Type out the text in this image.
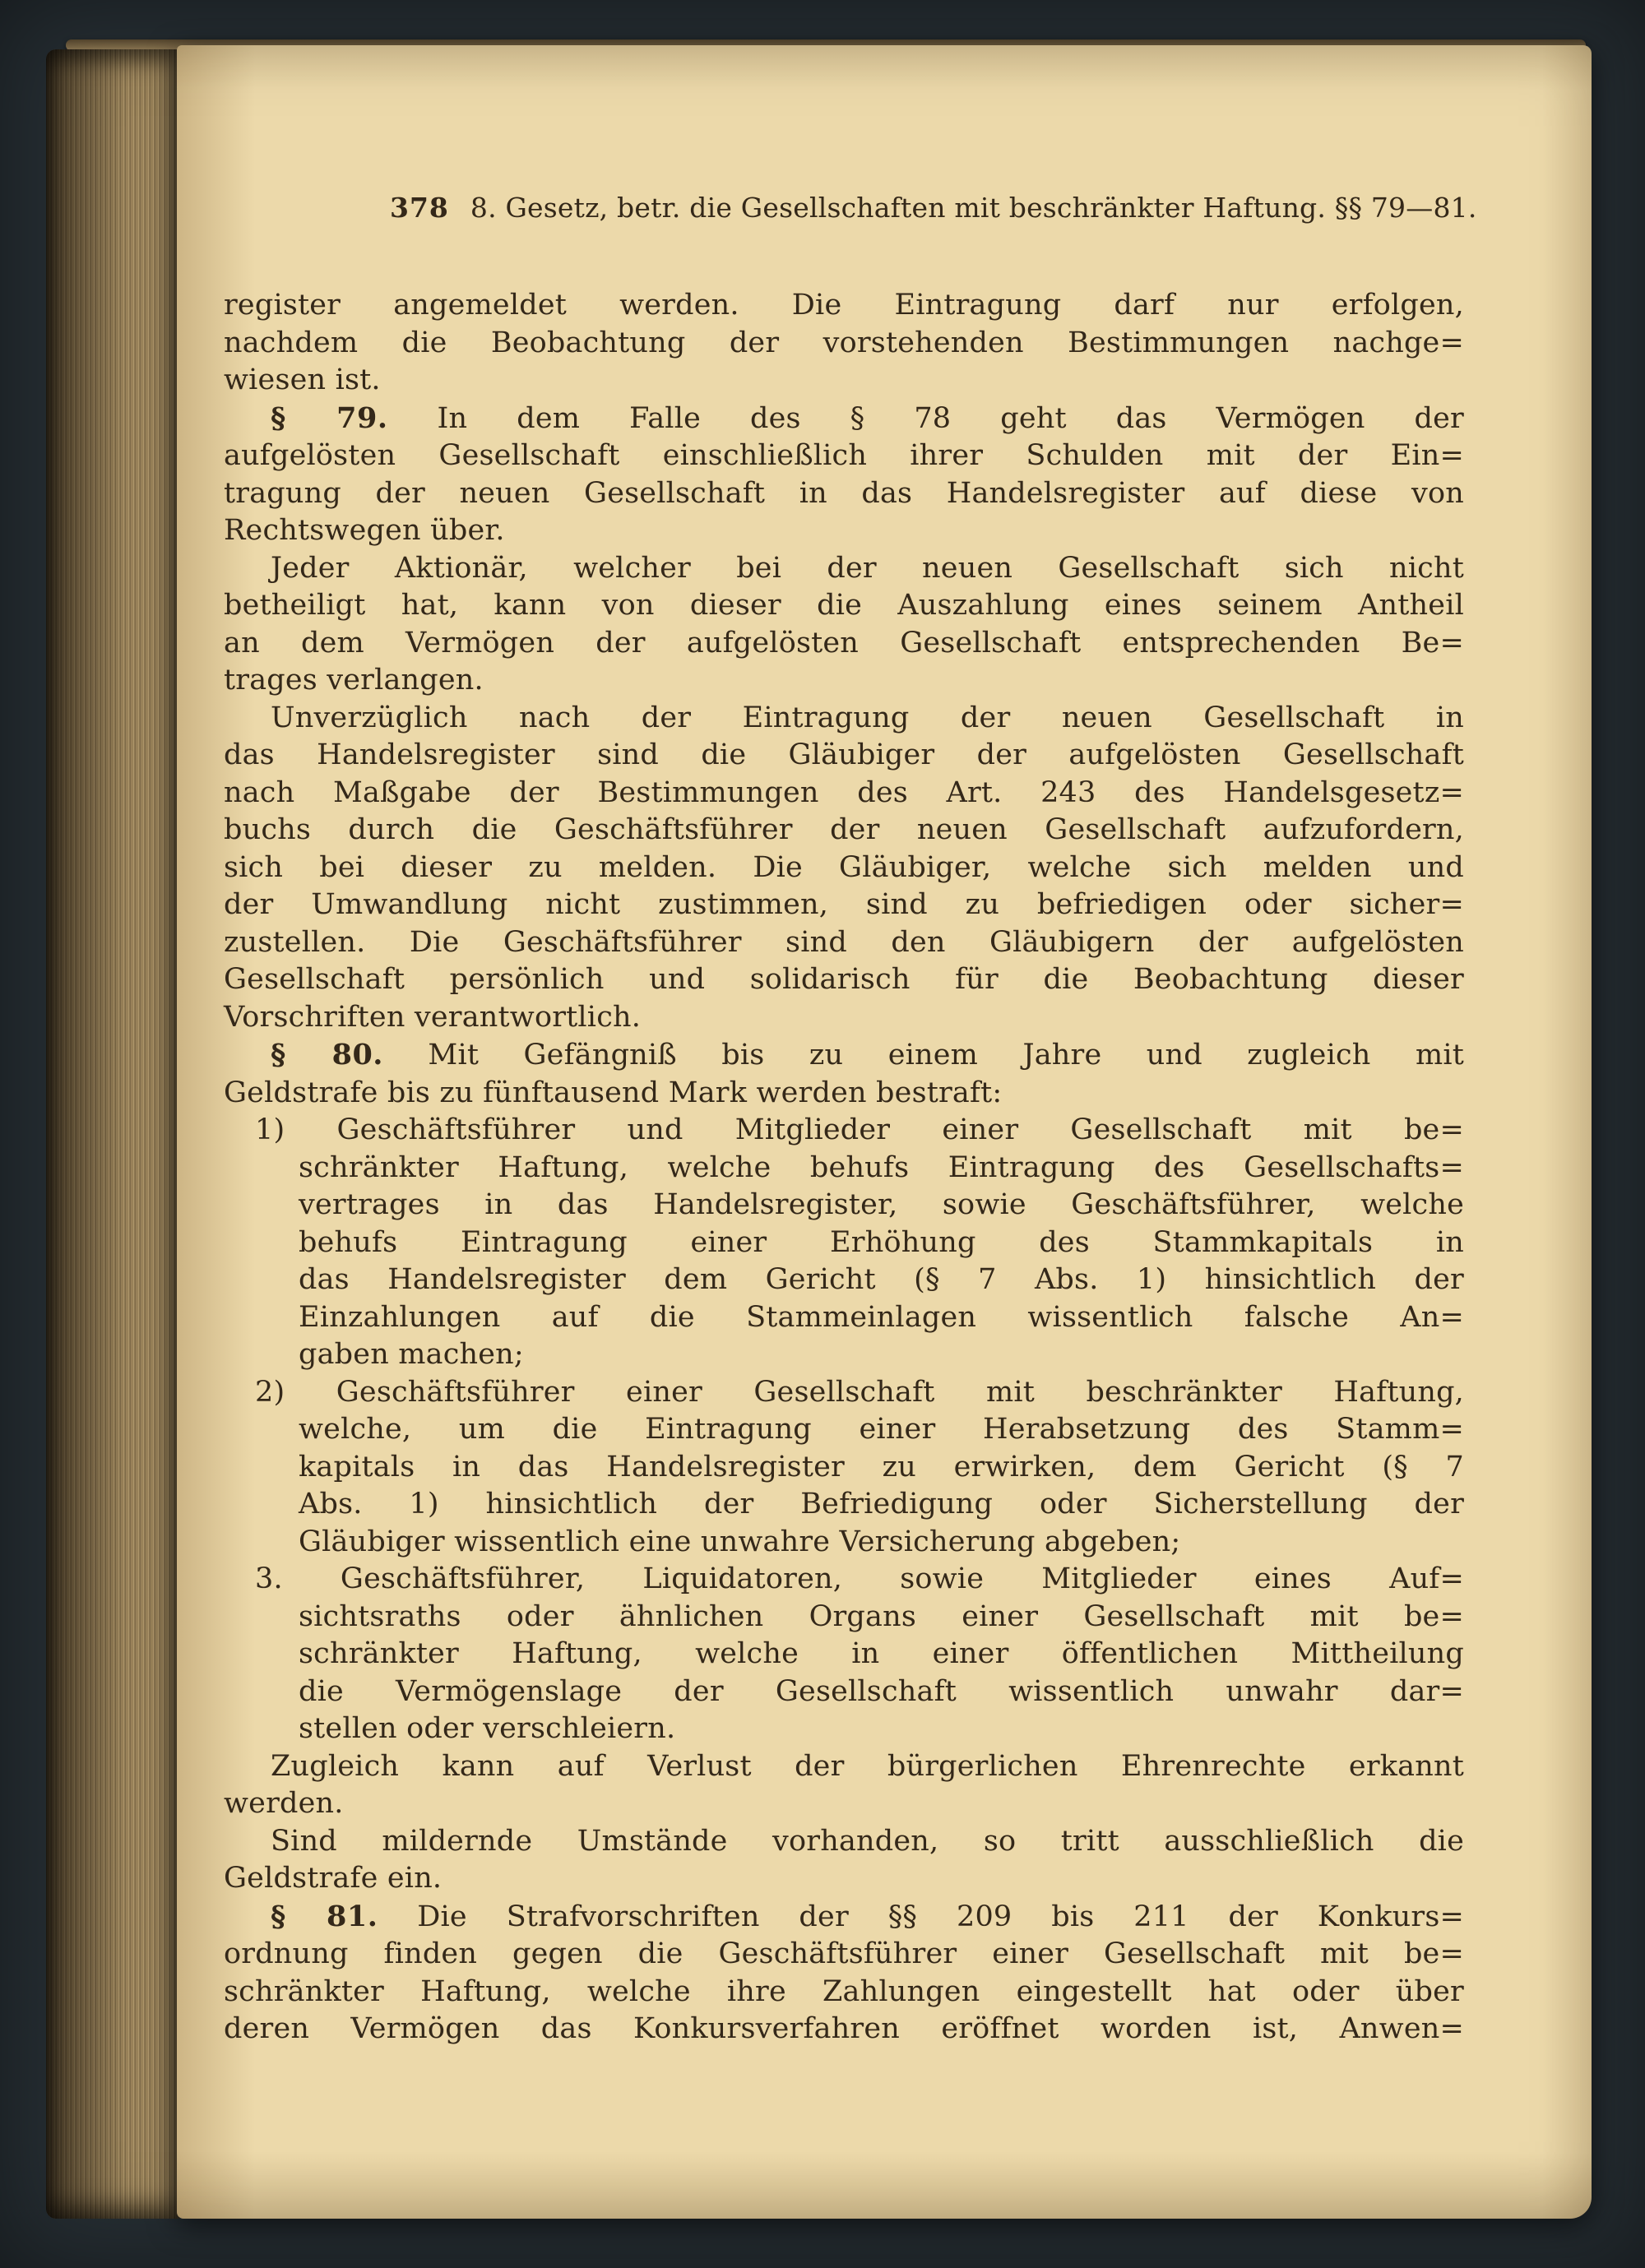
378 8. Gesetz, betr. die Gesellschaften mit beschränkter Haftung. §§ 79—81.
register angemeldet werden. Die Eintragung darf nur erfolgen,
nachdem die Beobachtung der vorstehenden Bestimmungen nachge=
wiesen ist.
§ 79. In dem Falle des § 78 geht das Vermögen der
aufgelösten Gesellschaft einschließlich ihrer Schulden mit der Ein=
tragung der neuen Gesellschaft in das Handelsregister auf diese von
Rechtswegen über.
Jeder Aktionär, welcher bei der neuen Gesellschaft sich nicht
betheiligt hat, kann von dieser die Auszahlung eines seinem Antheil
an dem Vermögen der aufgelösten Gesellschaft entsprechenden Be=
trages verlangen.
Unverzüglich nach der Eintragung der neuen Gesellschaft in
das Handelsregister sind die Gläubiger der aufgelösten Gesellschaft
nach Maßgabe der Bestimmungen des Art. 243 des Handelsgesetz=
buchs durch die Geschäftsführer der neuen Gesellschaft aufzufordern,
sich bei dieser zu melden. Die Gläubiger, welche sich melden und
der Umwandlung nicht zustimmen, sind zu befriedigen oder sicher=
zustellen. Die Geschäftsführer sind den Gläubigern der aufgelösten
Gesellschaft persönlich und solidarisch für die Beobachtung dieser
Vorschriften verantwortlich.
§ 80. Mit Gefängniß bis zu einem Jahre und zugleich mit
Geldstrafe bis zu fünftausend Mark werden bestraft:
1) Geschäftsführer und Mitglieder einer Gesellschaft mit be=
schränkter Haftung, welche behufs Eintragung des Gesellschafts=
vertrages in das Handelsregister, sowie Geschäftsführer, welche
behufs Eintragung einer Erhöhung des Stammkapitals in
das Handelsregister dem Gericht (§ 7 Abs. 1) hinsichtlich der
Einzahlungen auf die Stammeinlagen wissentlich falsche An=
gaben machen;
2) Geschäftsführer einer Gesellschaft mit beschränkter Haftung,
welche, um die Eintragung einer Herabsetzung des Stamm=
kapitals in das Handelsregister zu erwirken, dem Gericht (§ 7
Abs. 1) hinsichtlich der Befriedigung oder Sicherstellung der
Gläubiger wissentlich eine unwahre Versicherung abgeben;
3. Geschäftsführer, Liquidatoren, sowie Mitglieder eines Auf=
sichtsraths oder ähnlichen Organs einer Gesellschaft mit be=
schränkter Haftung, welche in einer öffentlichen Mittheilung
die Vermögenslage der Gesellschaft wissentlich unwahr dar=
stellen oder verschleiern.
Zugleich kann auf Verlust der bürgerlichen Ehrenrechte erkannt
werden.
Sind mildernde Umstände vorhanden, so tritt ausschließlich die
Geldstrafe ein.
§ 81. Die Strafvorschriften der §§ 209 bis 211 der Konkurs=
ordnung finden gegen die Geschäftsführer einer Gesellschaft mit be=
schränkter Haftung, welche ihre Zahlungen eingestellt hat oder über
deren Vermögen das Konkursverfahren eröffnet worden ist, Anwen=
